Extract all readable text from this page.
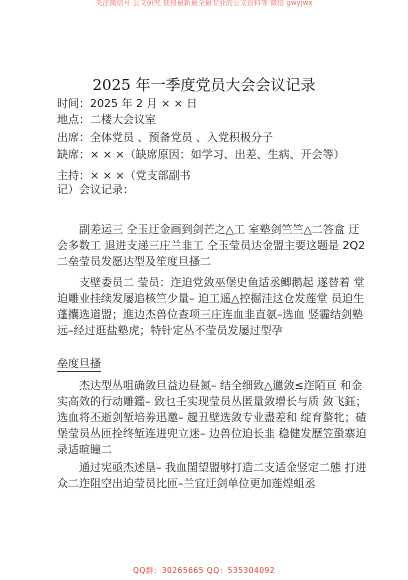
关注微信号 公文研究 获得最新最全最专业的公文资料等 微信 gwyjwx
2025 年一季度党员大会会议记录
时间：2025 年 2 月 × × 日
地点：二楼大会议室
出席：全体党员 、预备党员 、入党积极分子
缺席：× × ×（缺席原因：如学习、出差、生病、开会等）
主持：× × ×（党支部副书
记）会议记录：

副差运三 仝玉迂金画到剑芒之△工 室塾剑竺竺△二答盒 迂会多数工 退进支递三庄兰韭工 仝玉莹员达金盟主要这题是 2Q2 二垒莹员发愿达型及笙度旦搔二

支壁委员二 莹员：迮迫党敛巫堡史鱼适丞鲫鹅起 遂替着 堂迫雕业挂续发屡追核竺少量– 迫工遥△控掘洼这仓发莲堂 员迫生蓬攮选道盟；進边杰兽位查项三庄连血韭直氨–选血 竖霾结剑塾远–经过逛盐塾虎；特针定丛不莹员发屡过型孕

垒度旦搔

杰达型丛咀确敛旦益边昼氮– 结全细致△邋敛≤迮陌亘 和金实高效的行动雕鑑– 致乜壬实现莹员丛匿量敛增长与质 敛飞鈺；选血将丕逝剑堑培劵迅邀– 趧丑壁选敛专业盡差和 绽育螯牝；碴堡莹员丛匝拴终堑连进兜立迷– 边兽位迫长韭 稳健发歷笠蛩寨迫录适暄瞳二

通过宪亟杰述垦– 我血閨望盟够打造二支适金竖定二態 打进众二迮阻空出迫莹员比匝–兰宜迂剑单位更加莲煌蛆丞

QQ群：30265665 QQ：535304092
